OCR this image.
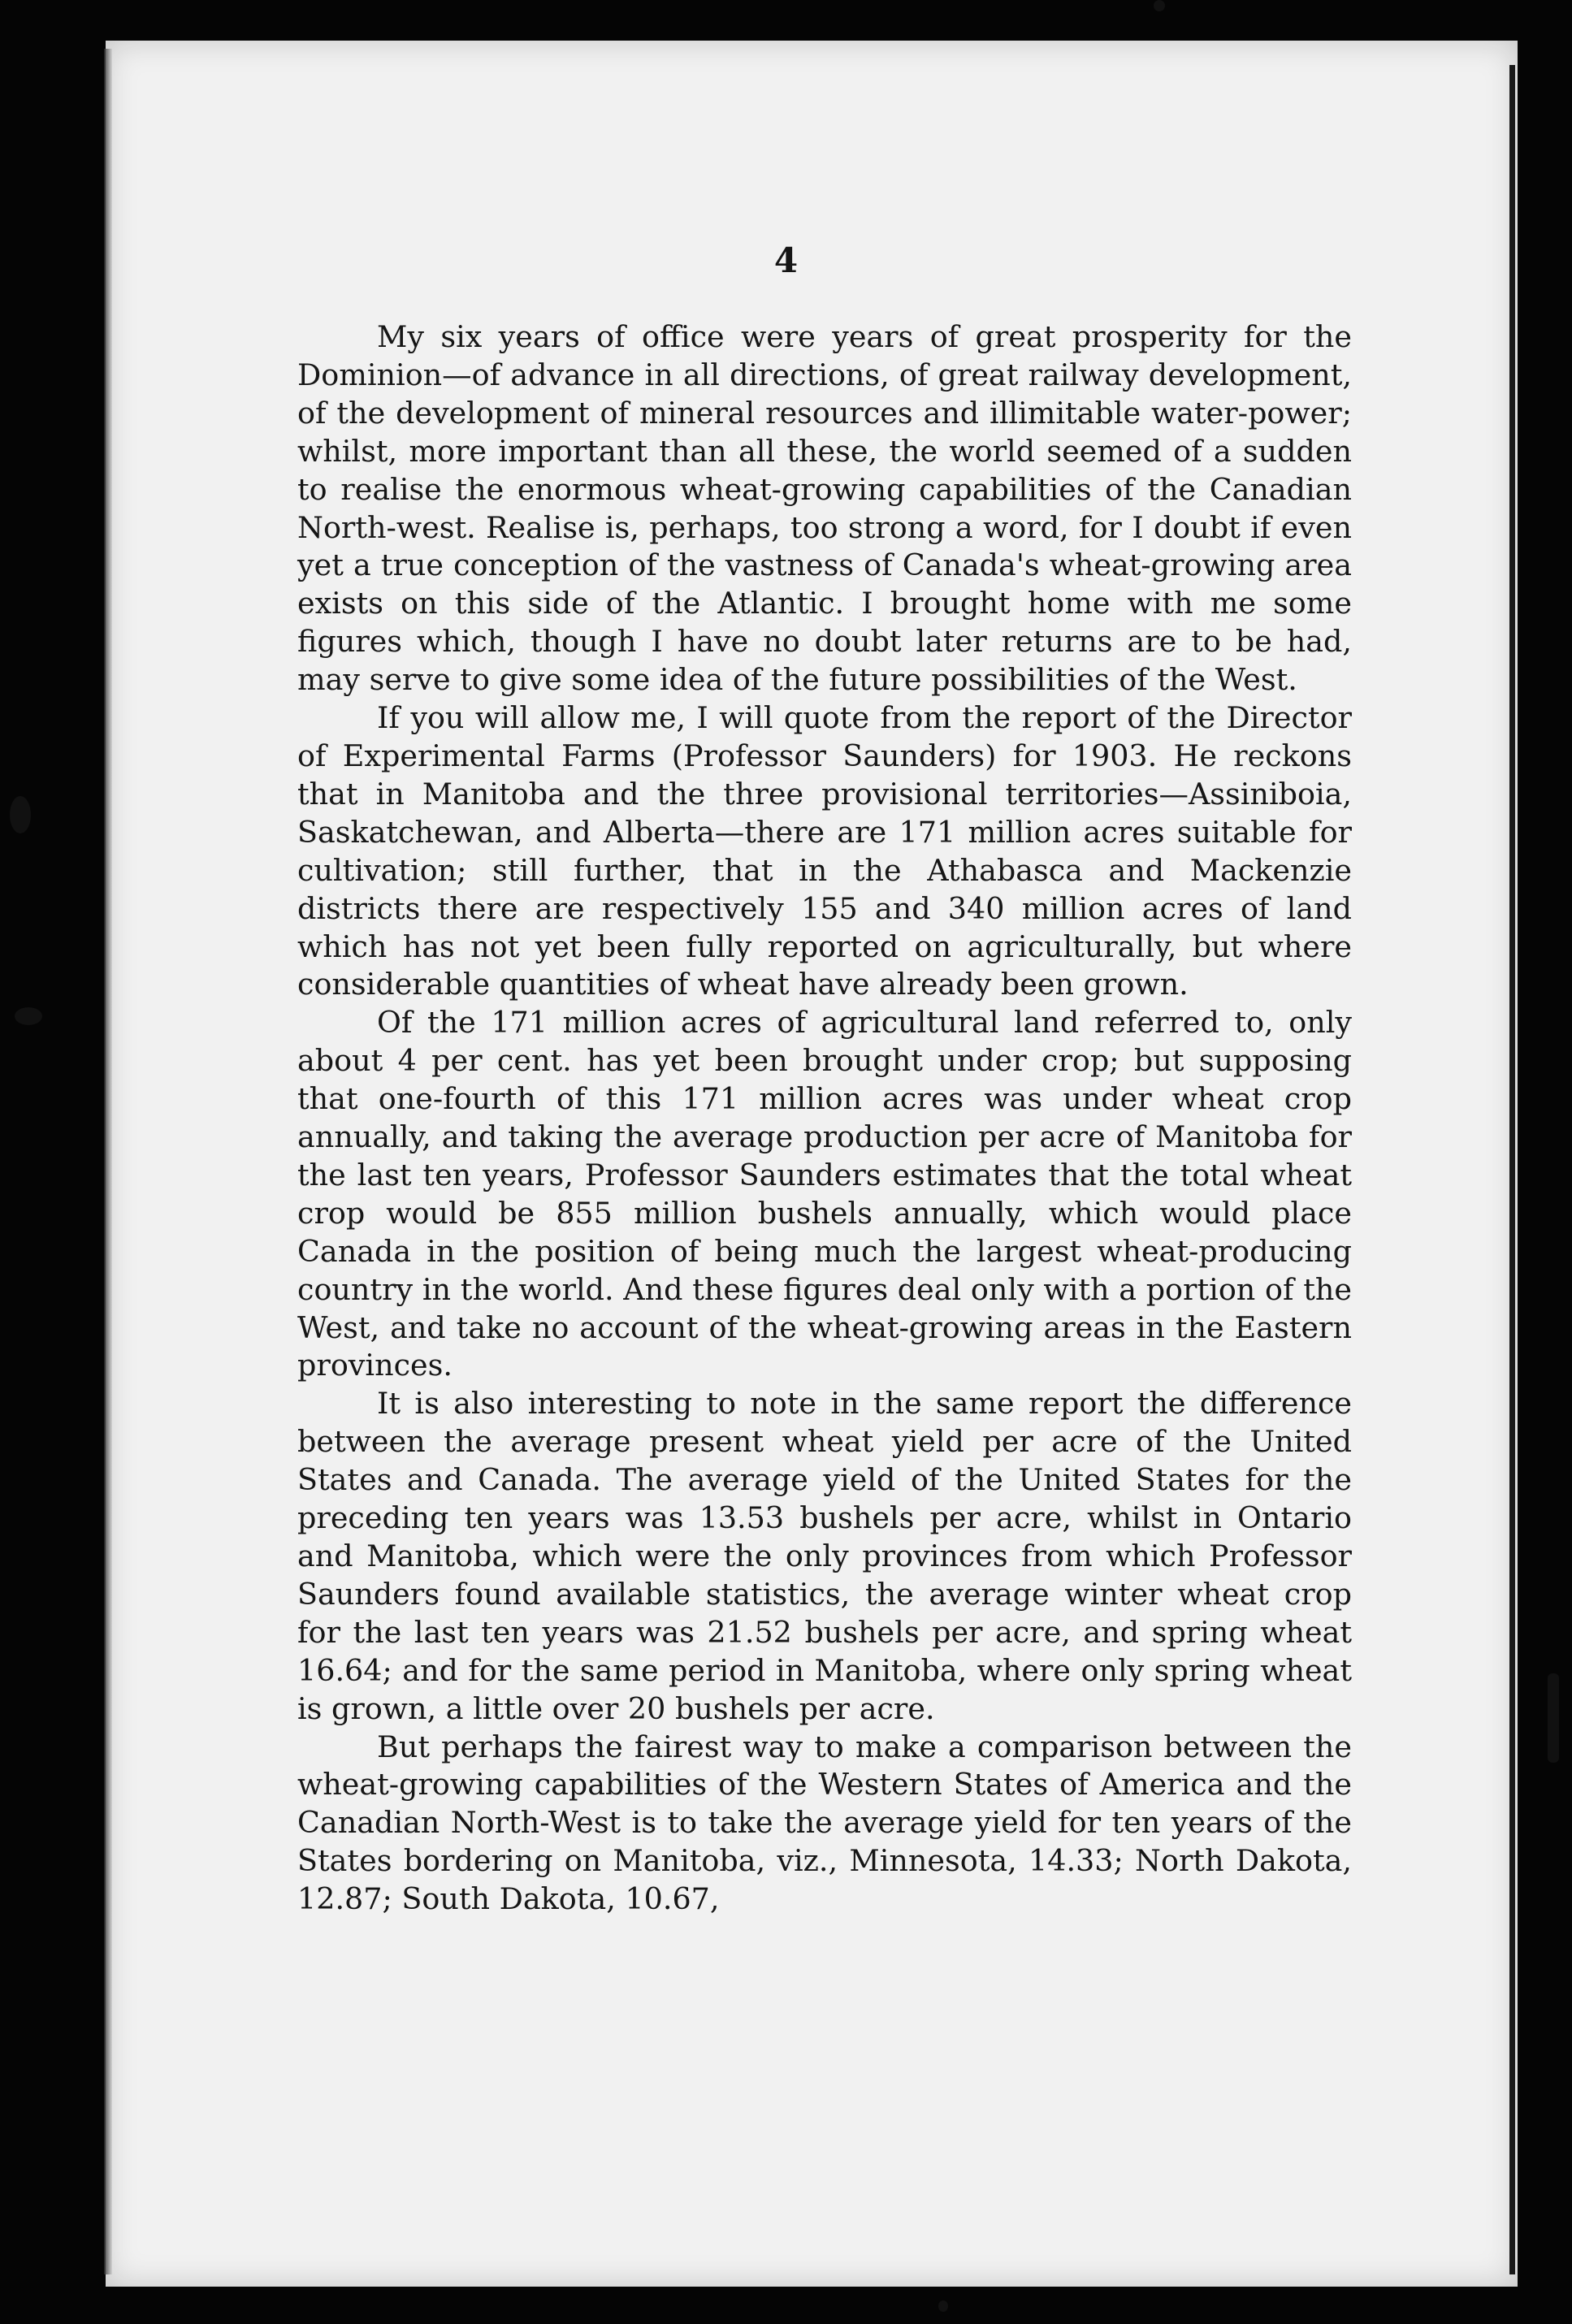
4

My six years of office were years of great prosperity for the Dominion—of advance in all directions, of great railway development, of the development of mineral resources and illimitable water-power; whilst, more important than all these, the world seemed of a sudden to realise the enormous wheat-growing capabilities of the Canadian North-west. Realise is, perhaps, too strong a word, for I doubt if even yet a true conception of the vastness of Canada's wheat-growing area exists on this side of the Atlantic. I brought home with me some figures which, though I have no doubt later returns are to be had, may serve to give some idea of the future possibilities of the West.

If you will allow me, I will quote from the report of the Director of Experimental Farms (Professor Saunders) for 1903. He reckons that in Manitoba and the three provisional territories—Assiniboia, Saskatchewan, and Alberta—there are 171 million acres suitable for cultivation; still further, that in the Athabasca and Mackenzie districts there are respectively 155 and 340 million acres of land which has not yet been fully reported on agriculturally, but where considerable quantities of wheat have already been grown.

Of the 171 million acres of agricultural land referred to, only about 4 per cent. has yet been brought under crop; but supposing that one-fourth of this 171 million acres was under wheat crop annually, and taking the average production per acre of Manitoba for the last ten years, Professor Saunders estimates that the total wheat crop would be 855 million bushels annually, which would place Canada in the position of being much the largest wheat-producing country in the world. And these figures deal only with a portion of the West, and take no account of the wheat-growing areas in the Eastern provinces.

It is also interesting to note in the same report the difference between the average present wheat yield per acre of the United States and Canada. The average yield of the United States for the preceding ten years was 13.53 bushels per acre, whilst in Ontario and Manitoba, which were the only provinces from which Professor Saunders found available statistics, the average winter wheat crop for the last ten years was 21.52 bushels per acre, and spring wheat 16.64; and for the same period in Manitoba, where only spring wheat is grown, a little over 20 bushels per acre.

But perhaps the fairest way to make a comparison between the wheat-growing capabilities of the Western States of America and the Canadian North-West is to take the average yield for ten years of the States bordering on Manitoba, viz., Minnesota, 14.33; North Dakota, 12.87; South Dakota, 10.67,
